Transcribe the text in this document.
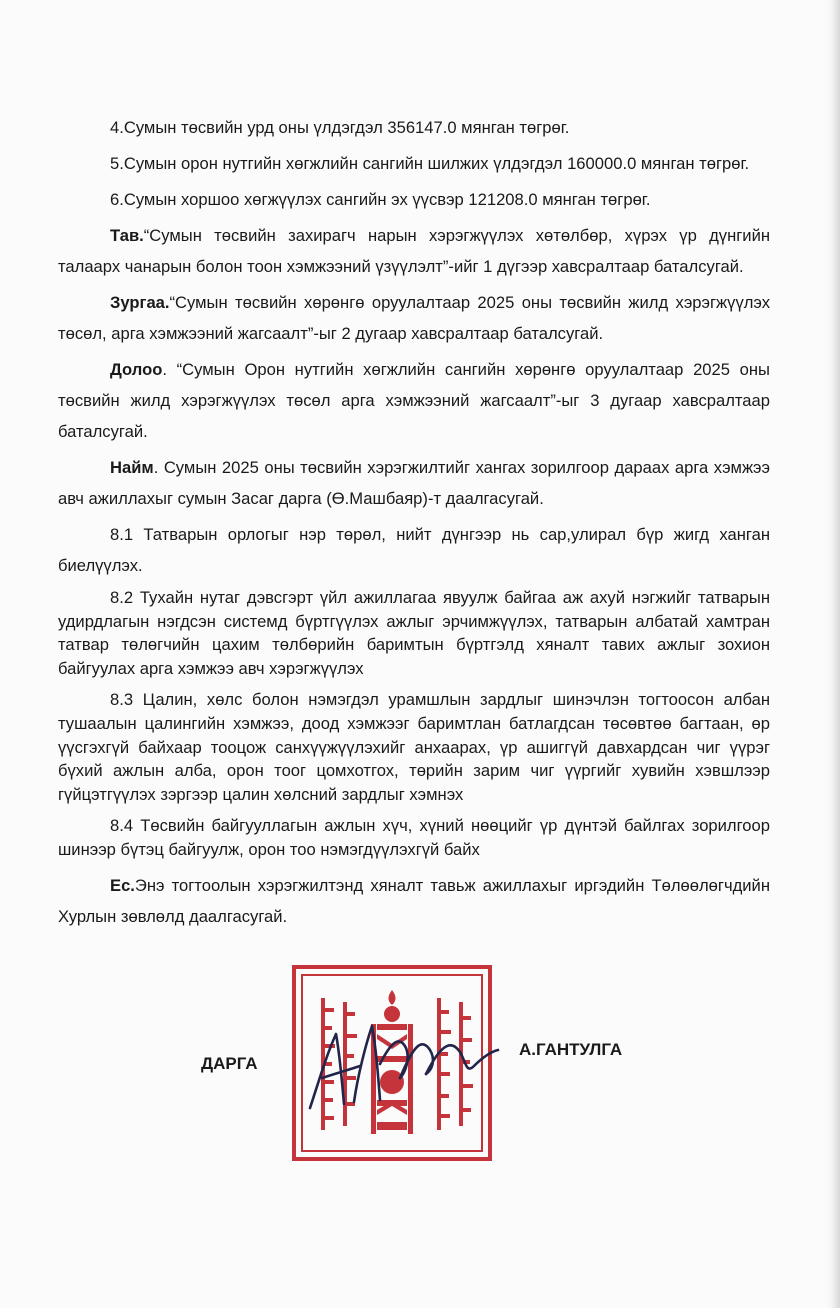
4.Сумын төсвийн урд оны үлдэгдэл 356147.0 мянган төгрөг.

5.Сумын орон нутгийн хөгжлийн сангийн шилжих үлдэгдэл 160000.0 мянган төгрөг.

6.Сумын хоршоо хөгжүүлэх сангийн эх үүсвэр 121208.0 мянган төгрөг.

Тав.“Сумын төсвийн захирагч нарын хэрэгжүүлэх хөтөлбөр, хүрэх үр дүнгийн талаарх чанарын болон тоон хэмжээний үзүүлэлт”-ийг 1 дүгээр хавсралтаар баталсугай.

Зургаа.“Сумын төсвийн хөрөнгө оруулалтаар 2025 оны төсвийн жилд хэрэгжүүлэх төсөл, арга хэмжээний жагсаалт”-ыг 2 дугаар хавсралтаар баталсугай.

Долоо. “Сумын Орон нутгийн хөгжлийн сангийн хөрөнгө оруулалтаар 2025 оны төсвийн жилд хэрэгжүүлэх төсөл арга хэмжээний жагсаалт”-ыг 3 дугаар хавсралтаар баталсугай.

Найм. Сумын 2025 оны төсвийн хэрэгжилтийг хангах зорилгоор дараах арга хэмжээ авч ажиллахыг сумын Засаг дарга (Ө.Машбаяр)-т даалгасугай.

8.1 Татварын орлогыг нэр төрөл, нийт дүнгээр нь сар,улирал бүр жигд ханган биелүүлэх.

8.2 Тухайн нутаг дэвсгэрт үйл ажиллагаа явуулж байгаа аж ахуй нэгжийг татварын удирдлагын нэгдсэн системд бүртгүүлэх ажлыг эрчимжүүлэх, татварын албатай хамтран татвар төлөгчийн цахим төлбөрийн баримтын бүртгэлд хяналт тавих ажлыг зохион байгуулах арга хэмжээ авч хэрэгжүүлэх

8.3 Цалин, хөлс болон нэмэгдэл урамшлын зардлыг шинэчлэн тогтоосон албан тушаалын цалингийн хэмжээ, доод хэмжээг баримтлан батлагдсан төсөвтөө багтаан, өр үүсгэхгүй байхаар тооцож санхүүжүүлэхийг анхаарах, үр ашиггүй давхардсан чиг үүрэг бүхий ажлын алба, орон тоог цомхотгох, төрийн зарим чиг үүргийг хувийн хэвшлээр гүйцэтгүүлэх зэргээр цалин хөлсний зардлыг хэмнэх

8.4 Төсвийн байгууллагын ажлын хүч, хүний нөөцийг үр дүнтэй байлгах зорилгоор шинээр бүтэц байгуулж, орон тоо нэмэгдүүлэхгүй байх

Ес.Энэ тогтоолын хэрэгжилтэнд хяналт тавьж ажиллахыг иргэдийн Төлөөлөгчдийн Хурлын зөвлөлд даалгасугай.

ДАРГА
А.ГАНТУЛГА
